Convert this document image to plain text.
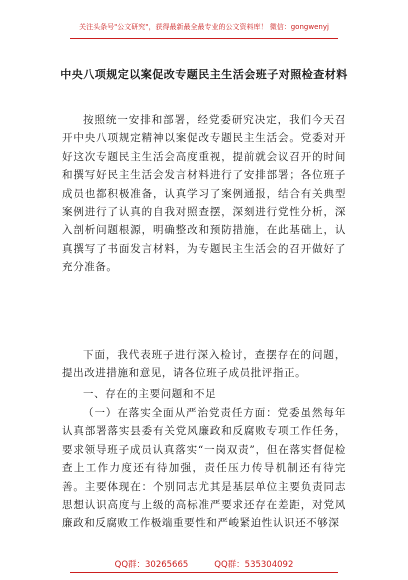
关注头条号"公文研究"，获得最新最全最专业的公文资料库！ 微信：gongwenyj
中央八项规定以案促改专题民主生活会班子对照检查材料

按照统一安排和部署，经党委研究决定，我们今天召开中央八项规定精神以案促改专题民主生活会。党委对开好这次专题民主生活会高度重视，提前就会议召开的时间和撰写好民主生活会发言材料进行了安排部署；各位班子成员也都积极准备，认真学习了案例通报，结合有关典型案例进行了认真的自我对照查摆，深刻进行党性分析，深入剖析问题根源，明确整改和预防措施，在此基础上，认真撰写了书面发言材料，为专题民主生活会的召开做好了充分准备。

下面，我代表班子进行深入检讨，查摆存在的问题，提出改进措施和意见，请各位班子成员批评指正。

一、存在的主要问题和不足

（一）在落实全面从严治党责任方面：党委虽然每年认真部署落实县委有关党风廉政和反腐败专项工作任务，要求领导班子成员认真落实“一岗双责”，但在落实督促检查上工作力度还有待加强，责任压力传导机制还有待完善。主要体现在：个别同志尤其是基层单位主要负责同志思想认识高度与上级的高标准严要求还存在差距，对党风廉政和反腐败工作极端重要性和严峻紧迫性认识还不够深

QQ群：30265665	QQ群：535304092
